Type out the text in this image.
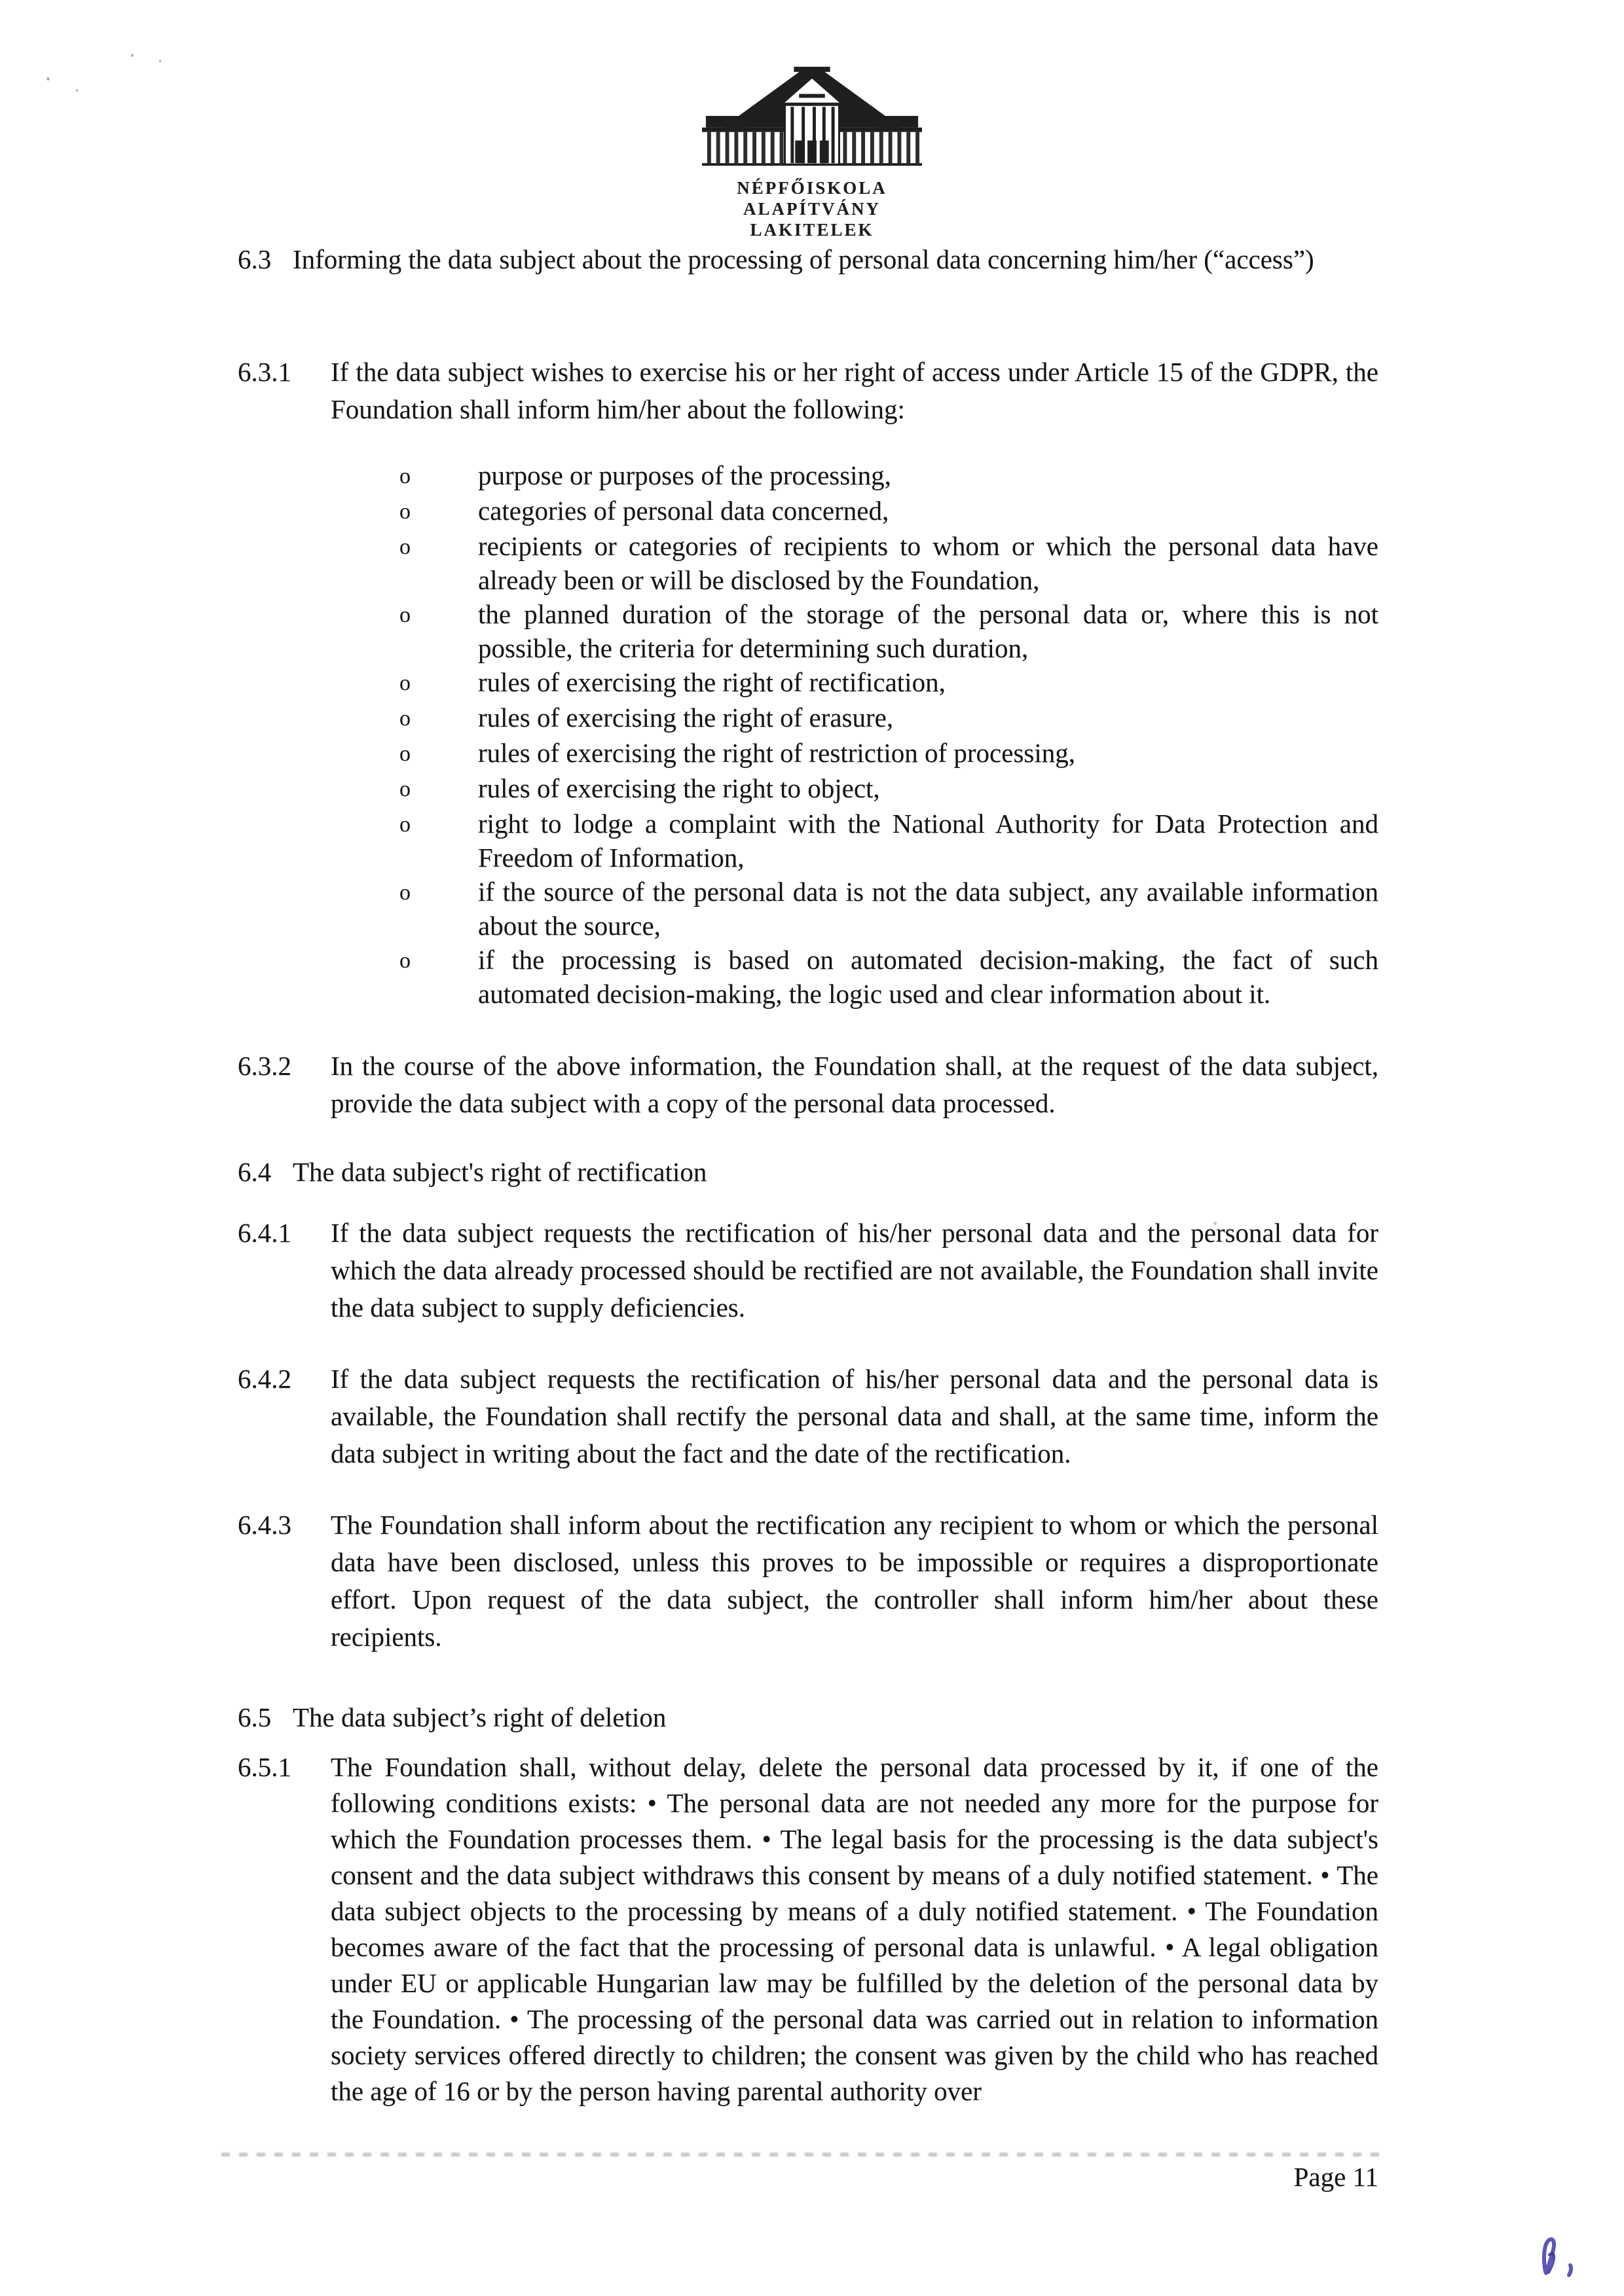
NÉPFŐISKOLA ALAPÍTVÁNY
LAKITELEK
6.3 Informing the data subject about the processing of personal data concerning him/her (“access”)
6.3.1	If the data subject wishes to exercise his or her right of access under Article 15 of the GDPR, the Foundation shall inform him/her about the following:
o	purpose or purposes of the processing,
o	categories of personal data concerned,
o	recipients or categories of recipients to whom or which the personal data have already been or will be disclosed by the Foundation,
o	the planned duration of the storage of the personal data or, where this is not possible, the criteria for determining such duration,
o	rules of exercising the right of rectification,
o	rules of exercising the right of erasure,
o	rules of exercising the right of restriction of processing,
o	rules of exercising the right to object,
o	right to lodge a complaint with the National Authority for Data Protection and Freedom of Information,
o	if the source of the personal data is not the data subject, any available information about the source,
o	if the processing is based on automated decision-making, the fact of such automated decision-making, the logic used and clear information about it.
6.3.2	In the course of the above information, the Foundation shall, at the request of the data subject, provide the data subject with a copy of the personal data processed.
6.4 The data subject's right of rectification
6.4.1	If the data subject requests the rectification of his/her personal data and the personal data for which the data already processed should be rectified are not available, the Foundation shall invite the data subject to supply deficiencies.
6.4.2	If the data subject requests the rectification of his/her personal data and the personal data is available, the Foundation shall rectify the personal data and shall, at the same time, inform the data subject in writing about the fact and the date of the rectification.
6.4.3	The Foundation shall inform about the rectification any recipient to whom or which the personal data have been disclosed, unless this proves to be impossible or requires a disproportionate effort. Upon request of the data subject, the controller shall inform him/her about these recipients.
6.5 The data subject’s right of deletion
6.5.1	The Foundation shall, without delay, delete the personal data processed by it, if one of the following conditions exists: • The personal data are not needed any more for the purpose for which the Foundation processes them. • The legal basis for the processing is the data subject's consent and the data subject withdraws this consent by means of a duly notified statement. • The data subject objects to the processing by means of a duly notified statement. • The Foundation becomes aware of the fact that the processing of personal data is unlawful. • A legal obligation under EU or applicable Hungarian law may be fulfilled by the deletion of the personal data by the Foundation. • The processing of the personal data was carried out in relation to information society services offered directly to children; the consent was given by the child who has reached the age of 16 or by the person having parental authority over
Page 11
